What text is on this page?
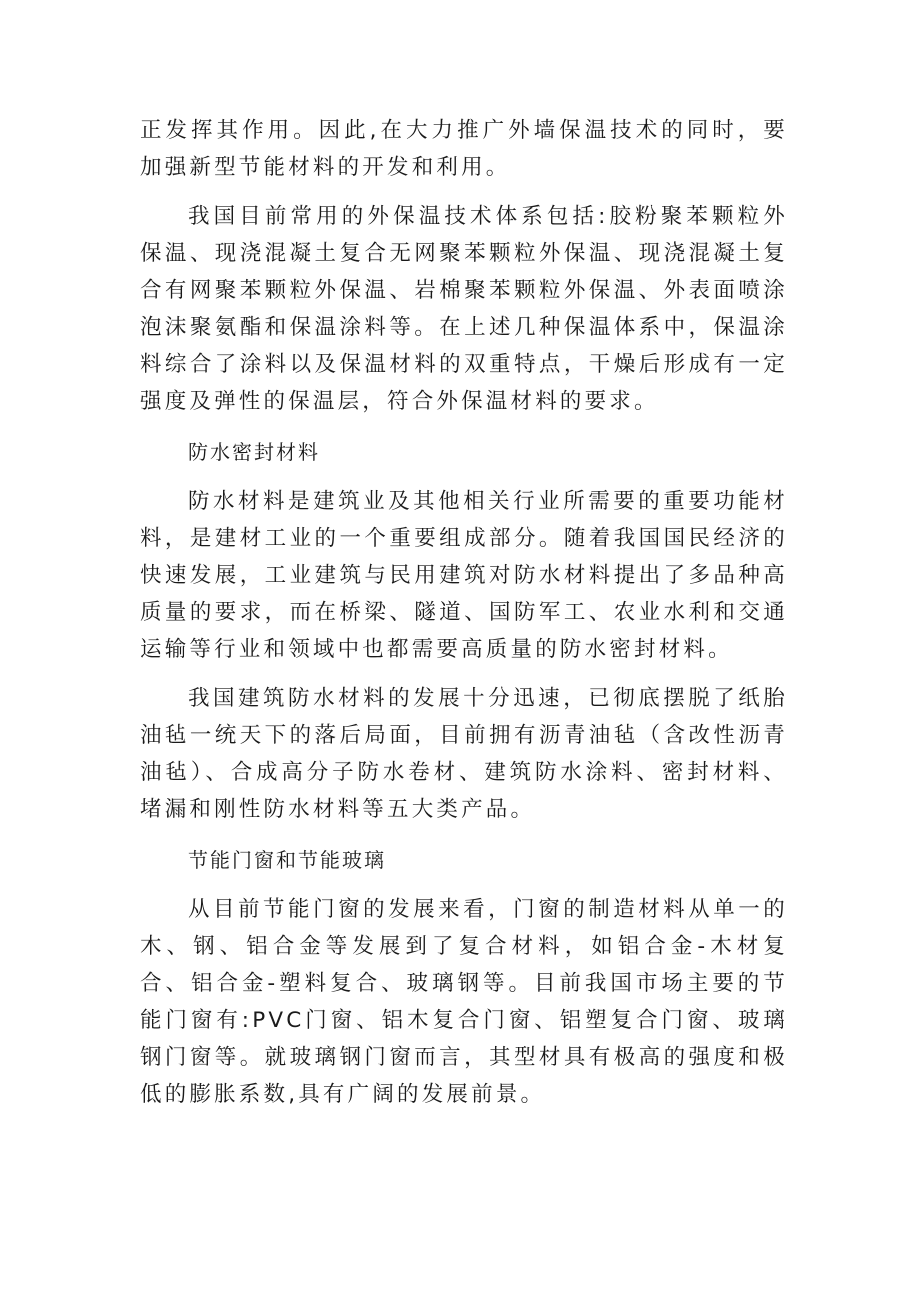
正发挥其作用。因此,在大力推广外墙保温技术的同时，要加强新型节能材料的开发和利用。

我国目前常用的外保温技术体系包括:胶粉聚苯颗粒外保温、现浇混凝土复合无网聚苯颗粒外保温、现浇混凝土复合有网聚苯颗粒外保温、岩棉聚苯颗粒外保温、外表面喷涂泡沫聚氨酯和保温涂料等。在上述几种保温体系中，保温涂料综合了涂料以及保温材料的双重特点，干燥后形成有一定强度及弹性的保温层，符合外保温材料的要求。

防水密封材料

防水材料是建筑业及其他相关行业所需要的重要功能材料，是建材工业的一个重要组成部分。随着我国国民经济的快速发展，工业建筑与民用建筑对防水材料提出了多品种高质量的要求，而在桥梁、隧道、国防军工、农业水利和交通运输等行业和领域中也都需要高质量的防水密封材料。

我国建筑防水材料的发展十分迅速，已彻底摆脱了纸胎油毡一统天下的落后局面，目前拥有沥青油毡（含改性沥青油毡）、合成高分子防水卷材、建筑防水涂料、密封材料、堵漏和刚性防水材料等五大类产品。

节能门窗和节能玻璃

从目前节能门窗的发展来看，门窗的制造材料从单一的木、钢、铝合金等发展到了复合材料，如铝合金-木材复合、铝合金-塑料复合、玻璃钢等。目前我国市场主要的节能门窗有:PVC门窗、铝木复合门窗、铝塑复合门窗、玻璃钢门窗等。就玻璃钢门窗而言，其型材具有极高的强度和极低的膨胀系数,具有广阔的发展前景。
